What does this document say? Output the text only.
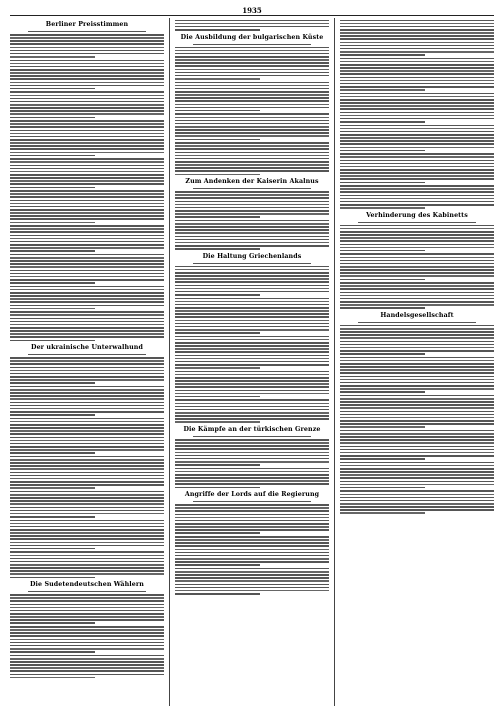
1935
Berliner Preisstimmen
Der ukrainische Unterwalhund
Die Sudetendeutschen Wählern
Die Ausbildung der bulgarischen Küste
Zum Andenken der Kaiserin Akalnus
Die Haltung Griechenlands
Die Kämpfe an der türkischen Grenze
Angriffe der Lords auf die Regierung
Verhinderung des Kabinetts
Handelsgesellschaft
